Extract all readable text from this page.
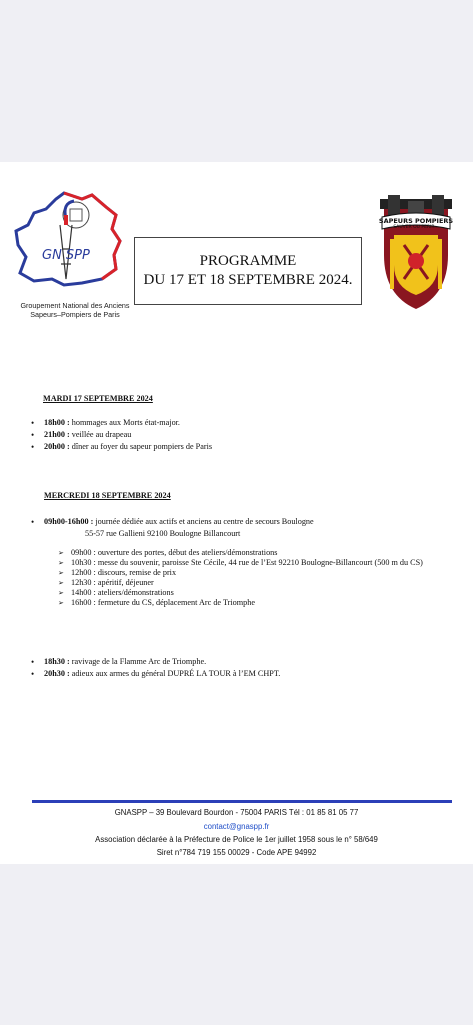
GN SPP
Groupement National des Anciens
Sapeurs–Pompiers de Paris
PROGRAMME
DU 17 ET 18 SEPTEMBRE 2024.
SAPEURS POMPIERS
SAUVER OU PERIR...
MARDI 17 SEPTEMBRE 2024
• 18h00 : hommages aux Morts état-major.
• 21h00 : veillée au drapeau
• 20h00 : dîner au foyer du sapeur pompiers de Paris
MERCREDI 18 SEPTEMBRE 2024
• 09h00-16h00 : journée dédiée aux actifs et anciens au centre de secours Boulogne
55-57 rue Gallieni 92100 Boulogne Billancourt
➢ 09h00 : ouverture des portes, début des ateliers/démonstrations
➢ 10h30 : messe du souvenir, paroisse Ste Cécile, 44 rue de l’Est 92210 Boulogne-Billancourt (500 m du CS)
➢ 12h00 : discours, remise de prix
➢ 12h30 : apéritif, déjeuner
➢ 14h00 : ateliers/démonstrations
➢ 16h00 : fermeture du CS, déplacement Arc de Triomphe
• 18h30 : ravivage de la Flamme Arc de Triomphe.
• 20h30 : adieux aux armes du général DUPRÉ LA TOUR à l’EM CHPT.
GNASPP – 39 Boulevard Bourdon - 75004 PARIS Tél : 01 85 81 05 77
contact@gnaspp.fr
Association déclarée à la Préfecture de Police le 1er juillet 1958 sous le n° 58/649
Siret n°784 719 155 00029 - Code APE 94992
